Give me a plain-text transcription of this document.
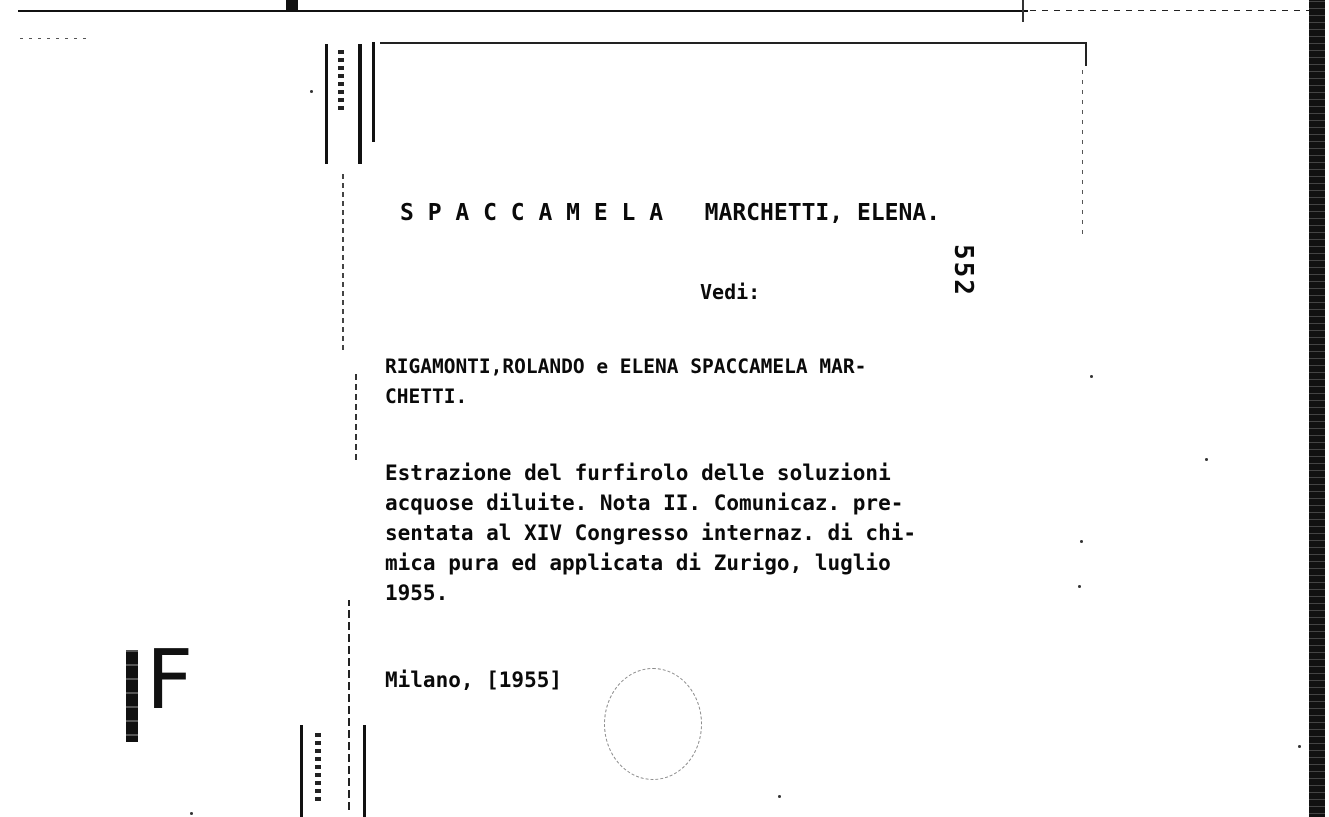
S P A C C A M E L A   MARCHETTI, ELENA.
Vedi:	552
RIGAMONTI,ROLANDO e ELENA SPACCAMELA MAR-
CHETTI.
Estrazione del furfirolo delle soluzioni
acquose diluite. Nota II. Comunicaz. pre-
sentata al XIV Congresso internaz. di chi-
mica pura ed applicata di Zurigo, luglio
1955.
Milano, [1955]
F
